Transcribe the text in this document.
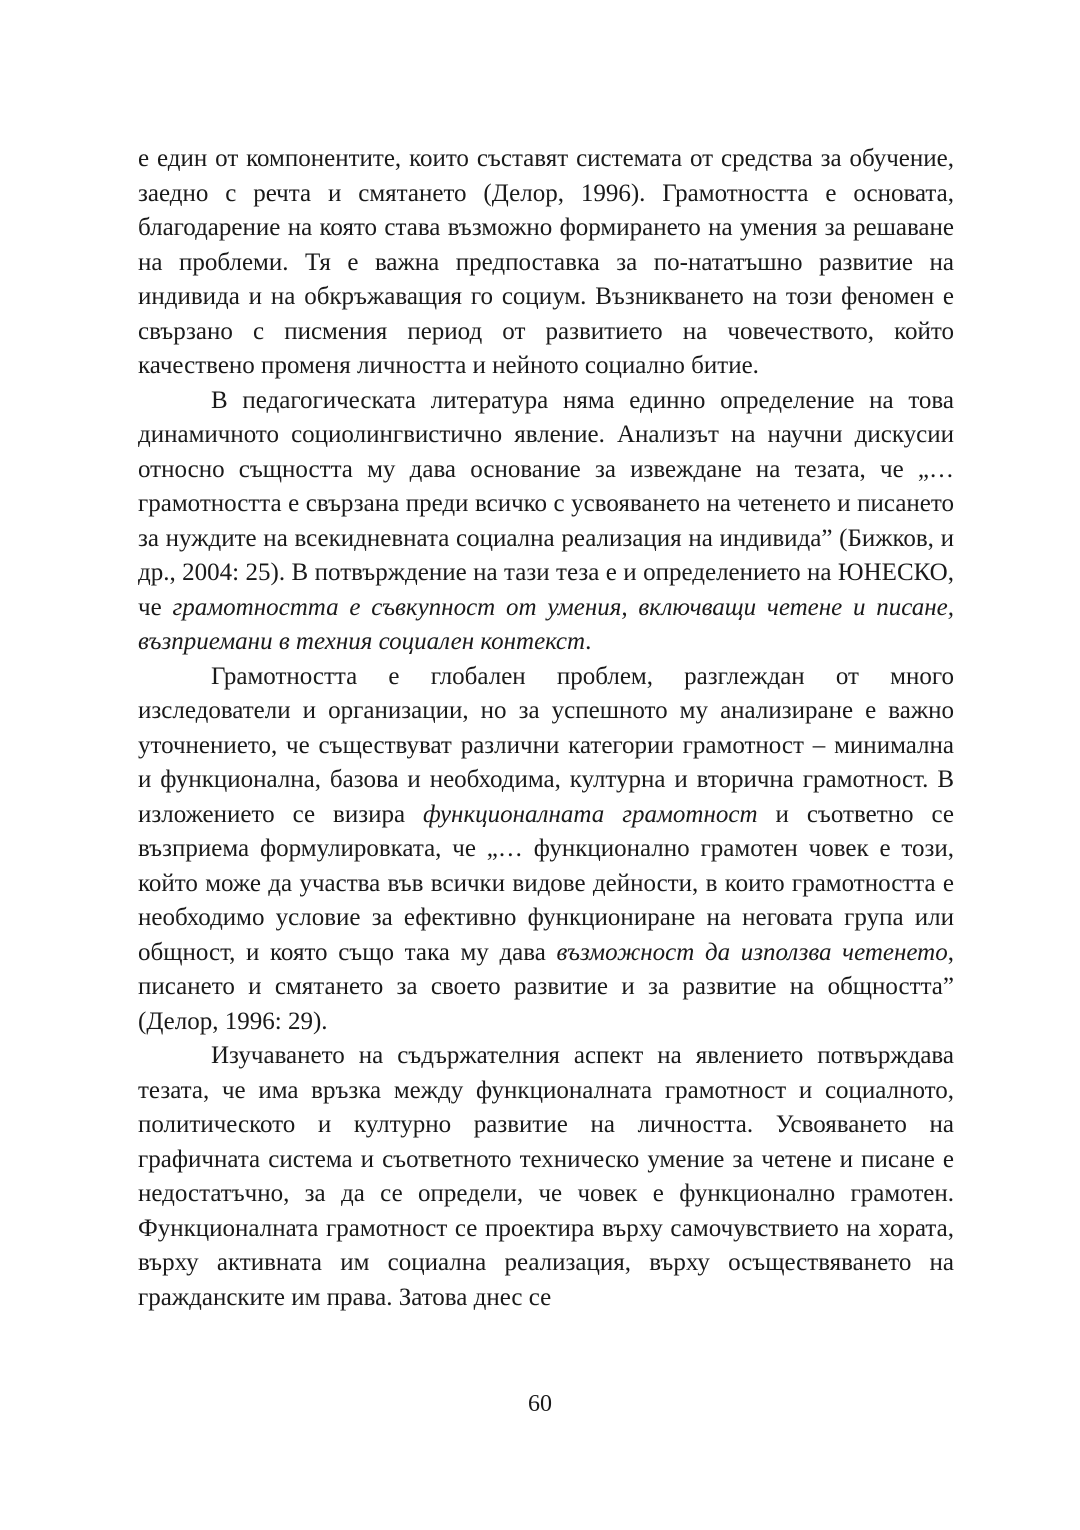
е един от компонентите, които съставят системата от средства за обучение, заедно с речта и смятането (Делор, 1996). Грамотността е основата, благодарение на която става възможно формирането на умения за решаване на проблеми. Тя е важна предпоставка за по-нататъшно развитие на индивида и на обкръжаващия го социум. Възникването на този феномен е свързано с писмения период от развитието на човечеството, който качествено променя личността и нейното социално битие.

В педагогическата литература няма единно определение на това динамичното социолингвистично явление. Анализът на научни дискусии относно същността му дава основание за извеждане на тезата, че „… грамотността е свързана преди всичко с усвояването на четенето и писането за нуждите на всекидневната социална реализация на индивида” (Бижков, и др., 2004: 25). В потвърждение на тази теза е и определението на ЮНЕСКО, че грамотността е съвкупност от умения, включващи четене и писане, възприемани в техния социален контекст.

Грамотността е глобален проблем, разглеждан от много изследователи и организации, но за успешното му анализиране е важно уточнението, че съществуват различни категории грамотност – минимална и функционална, базова и необходима, културна и вторична грамотност. В изложението се визира функционалната грамотност и съответно се възприема формулировката, че „… функционално грамотен човек е този, който може да участва във всички видове дейности, в които грамотността е необходимо условие за ефективно функциониране на неговата група или общност, и която също така му дава възможност да използва четенето, писането и смятането за своето развитие и за развитие на общността” (Делор, 1996: 29).

Изучаването на съдържателния аспект на явлението потвърждава тезата, че има връзка между функционалната грамотност и социалното, политическото и културно развитие на личността. Усвояването на графичната система и съответното техническо умение за четене и писане е недостатъчно, за да се определи, че човек е функционално грамотен. Функционалната грамотност се проектира върху самочувствието на хората, върху активната им социална реализация, върху осъществяването на гражданските им права. Затова днес се

60
